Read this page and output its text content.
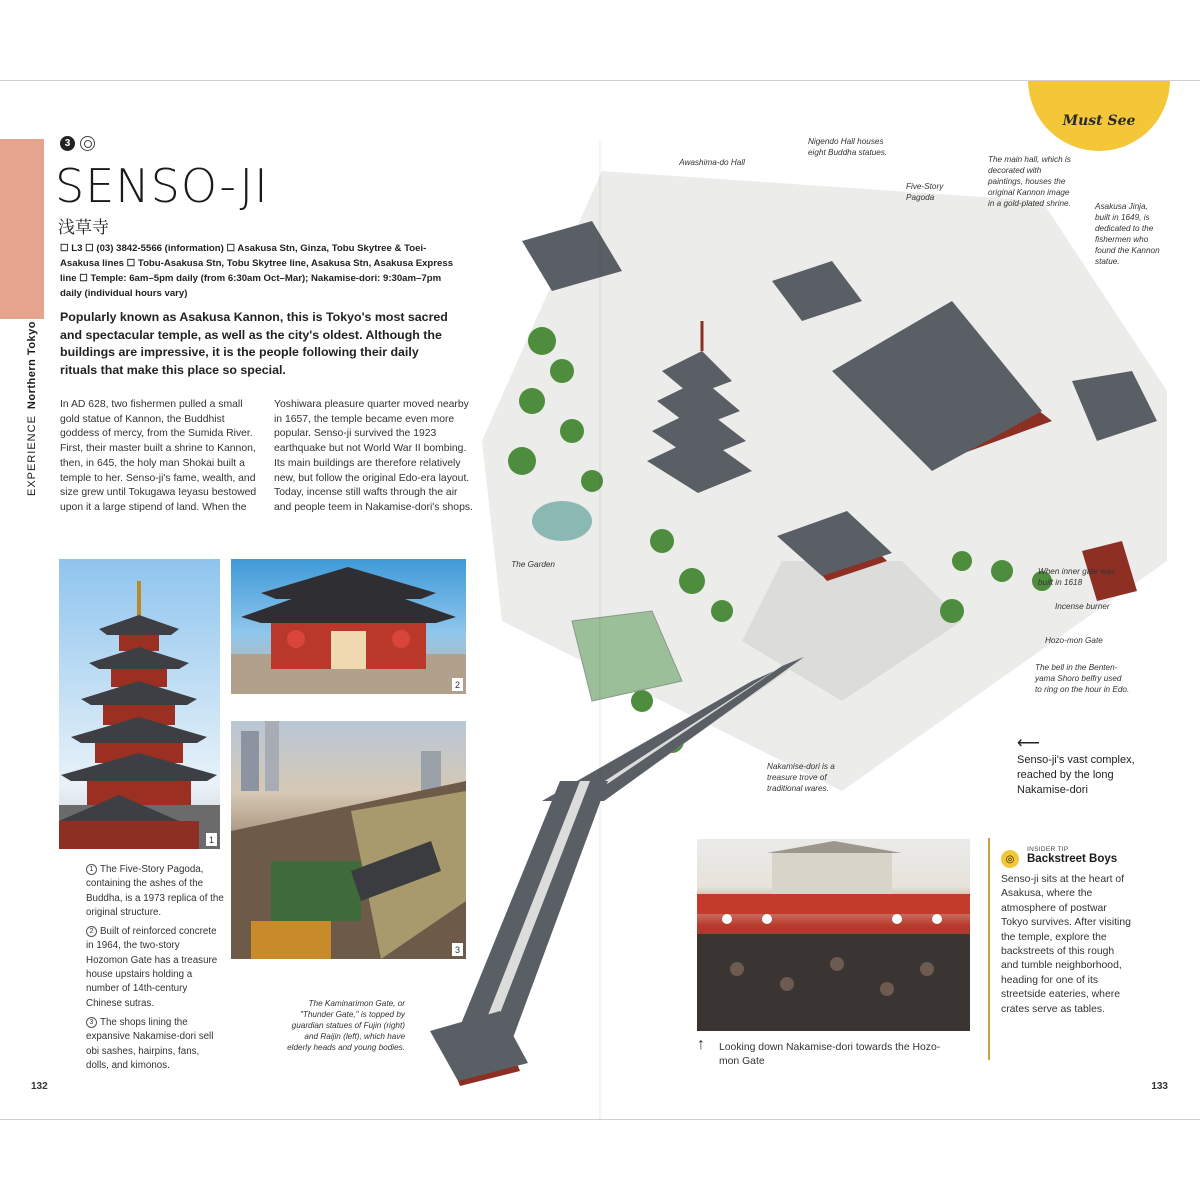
EXPERIENCENorthern Tokyo
3
SENSO-JI
浅草寺

☐ L3 ☐ (03) 3842-5566 (information) ☐ Asakusa Stn, Ginza, Tobu Skytree & Toei-Asakusa lines ☐ Tobu-Asakusa Stn, Tobu Skytree line, Asakusa Stn, Asakusa Express line ☐ Temple: 6am–5pm daily (from 6:30am Oct–Mar); Nakamise-dori: 9:30am–7pm daily (individual hours vary)

Popularly known as Asakusa Kannon, this is Tokyo's most sacred and spectacular temple, as well as the city's oldest. Although the buildings are impressive, it is the people following their daily rituals that make this place so special.

In AD 628, two fishermen pulled a small gold statue of Kannon, the Buddhist goddess of mercy, from the Sumida River. First, their master built a shrine to Kannon, then, in 645, the holy man Shokai built a temple to her. Senso-ji's fame, wealth, and size grew until Tokugawa Ieyasu bestowed upon it a large stipend of land. When the

Yoshiwara pleasure quarter moved nearby in 1657, the temple became even more popular. Senso-ji survived the 1923 earthquake but not World War II bombing. Its main buildings are therefore relatively new, but follow the original Edo-era layout. Today, incense still wafts through the air and people teem in Nakamise-dori's shops.

1
2
3

1 The Five-Story Pagoda, containing the ashes of the Buddha, is a 1973 replica of the original structure.

2 Built of reinforced concrete in 1964, the two-story Hozomon Gate has a treasure house upstairs holding a number of 14th-century Chinese sutras.

3 The shops lining the expansive Nakamise-dori sell obi sashes, hairpins, fans, dolls, and kimonos.

132
Must See
Awashima-do Hall
Nigendo Hall houses eight Buddha statues.
Five-Story Pagoda
The main hall, which is decorated with paintings, houses the original Kannon image in a gold-plated shrine.	Asakusa Jinja, built in 1649, is dedicated to the fishermen who found the Kannon statue.
The Garden
When inner gate was built in 1618
Incense burner
Hozo-mon Gate
The bell in the Benten-yama Shoro belfry used to ring on the hour in Edo.
Nakamise-dori is a treasure trove of traditional wares.
The Kaminarimon Gate, or "Thunder Gate," is topped by guardian statues of Fujin (right) and Raijin (left), which have elderly heads and young bodies.
⟵
Senso-ji's vast complex, reached by the long Nakamise-dori
↑ Looking down Nakamise-dori towards the Hozo-mon Gate
◎
INSIDER TIP
Backstreet Boys

Senso-ji sits at the heart of Asakusa, where the atmosphere of postwar Tokyo survives. After visiting the temple, explore the backstreets of this rough and tumble neighborhood, heading for one of its streetside eateries, where crates serve as tables.

133
